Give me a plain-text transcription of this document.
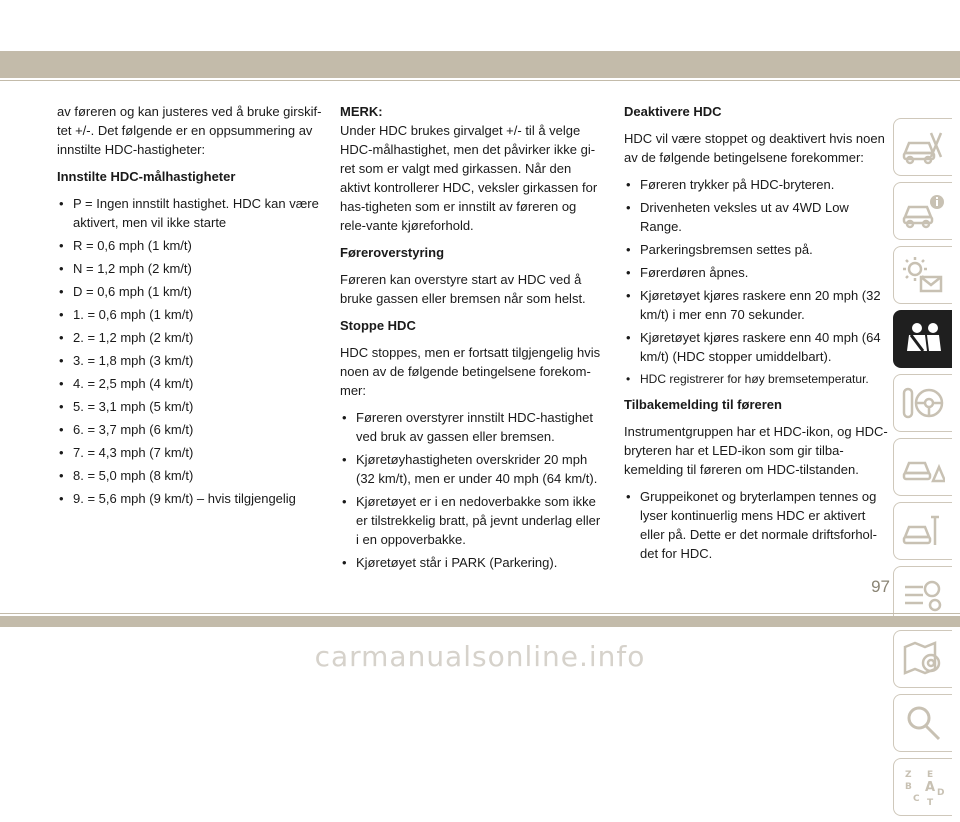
av føreren og kan justeres ved å bruke girskif-tet +/-. Det følgende er en oppsummering av innstilte HDC-hastigheter:

Innstilte HDC-målhastigheter
• P = Ingen innstilt hastighet. HDC kan være aktivert, men vil ikke starte
• R = 0,6 mph (1 km/t)
• N = 1,2 mph (2 km/t)
• D = 0,6 mph (1 km/t)
• 1. = 0,6 mph (1 km/t)
• 2. = 1,2 mph (2 km/t)
• 3. = 1,8 mph (3 km/t)
• 4. = 2,5 mph (4 km/t)
• 5. = 3,1 mph (5 km/t)
• 6. = 3,7 mph (6 km/t)
• 7. = 4,3 mph (7 km/t)
• 8. = 5,0 mph (8 km/t)
• 9. = 5,6 mph (9 km/t) – hvis tilgjengelig
MERK:
Under HDC brukes girvalget +/- til å velge HDC-målhastighet, men det påvirker ikke gi-ret som er valgt med girkassen. Når den aktivt kontrollerer HDC, veksler girkassen for has-tigheten som er innstilt av føreren og rele-vante kjøreforhold.
Føreroverstyring

Føreren kan overstyre start av HDC ved å bruke gassen eller bremsen når som helst.

Stoppe HDC

HDC stoppes, men er fortsatt tilgjengelig hvis noen av de følgende betingelsene forekom-mer:

• Føreren overstyrer innstilt HDC-hastighet ved bruk av gassen eller bremsen.
• Kjøretøyhastigheten overskrider 20 mph (32 km/t), men er under 40 mph (64 km/t).
• Kjøretøyet er i en nedoverbakke som ikke er tilstrekkelig bratt, på jevnt underlag eller i en oppoverbakke.
• Kjøretøyet står i PARK (Parkering).
Deaktivere HDC

HDC vil være stoppet og deaktivert hvis noen av de følgende betingelsene forekommer:

• Føreren trykker på HDC-bryteren.
• Drivenheten veksles ut av 4WD Low Range.
• Parkeringsbremsen settes på.
• Førerdøren åpnes.
• Kjøretøyet kjøres raskere enn 20 mph (32 km/t) i mer enn 70 sekunder.
• Kjøretøyet kjøres raskere enn 40 mph (64 km/t) (HDC stopper umiddelbart).
• HDC registrerer for høy bremsetemperatur.
Tilbakemelding til føreren

Instrumentgruppen har et HDC-ikon, og HDC-bryteren har et LED-ikon som gir tilba-kemelding til føreren om HDC-tilstanden.

• Gruppeikonet og bryterlampen tennes og lyser kontinuerlig mens HDC er aktivert eller på. Dette er det normale driftsforhol-det for HDC.
Z E
B A
C
D
T
97
carmanualsonline.info
